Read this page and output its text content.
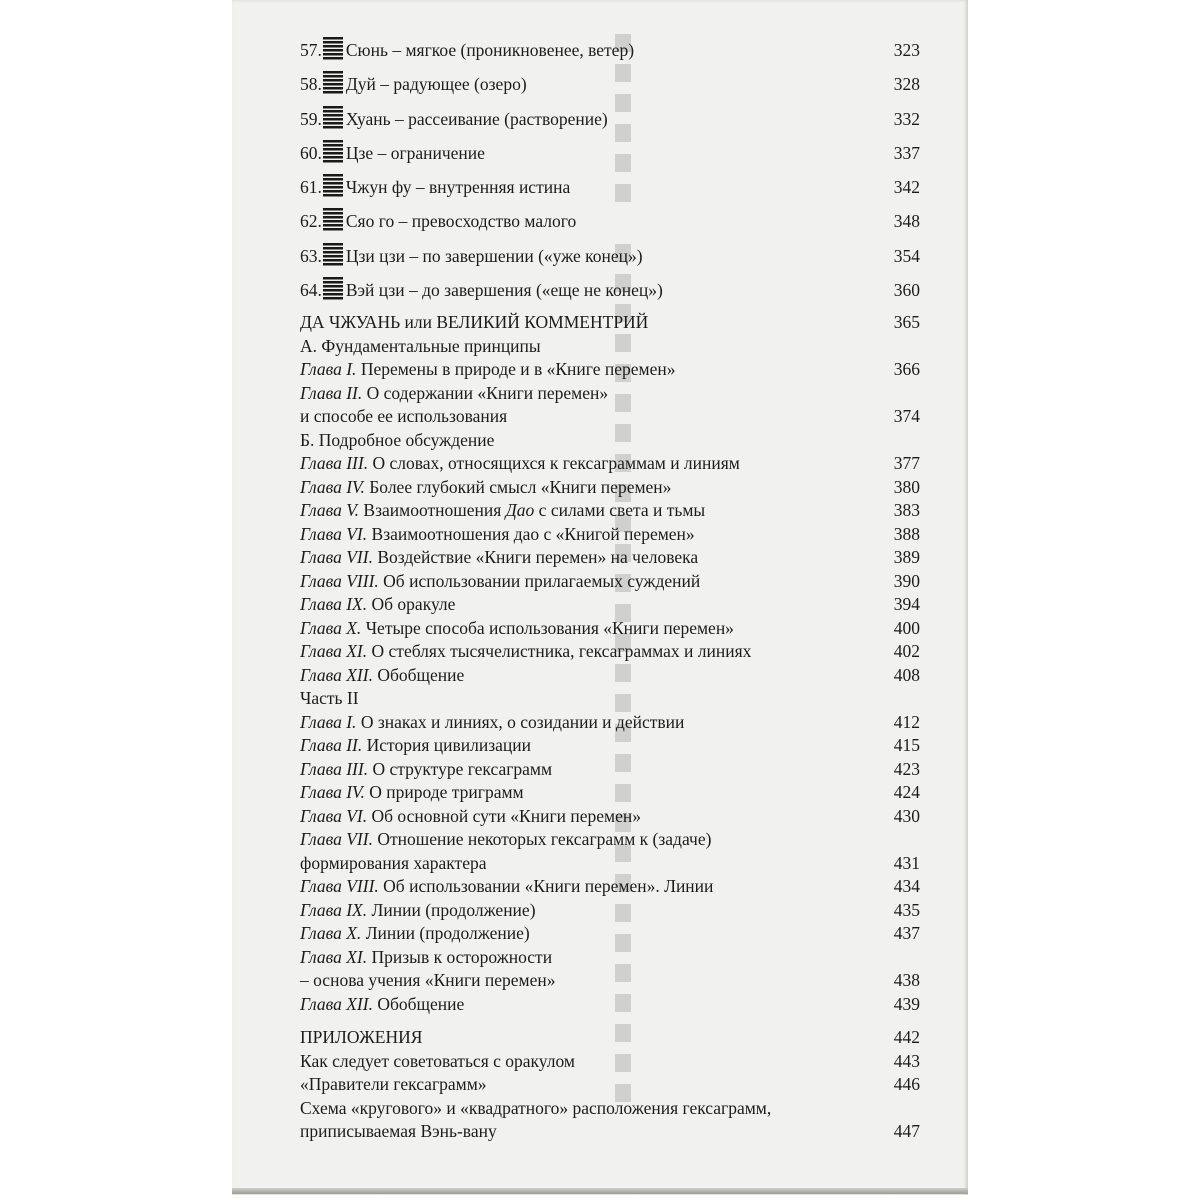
57. Сюнь – мягкое (проникновенее, ветер)	323
58. Дуй – радующее (озеро)	328
59. Хуань – рассеивание (растворение)	332
60. Цзе – ограничение	337
61. Чжун фу – внутренняя истина	342
62. Сяо го – превосходство малого	348
63. Цзи цзи – по завершении («уже конец»)	354
64. Вэй цзи – до завершения («еще не конец»)	360
ДА ЧЖУАНЬ или ВЕЛИКИЙ КОММЕНТРИЙ	365
А. Фундаментальные принципы
Глава I. Перемены в природе и в «Книге перемен»	366
Глава II. О содержании «Книги перемен»
и способе ее использования	374
Б. Подробное обсуждение
Глава III. О словах, относящихся к гексаграммам и линиям	377
Глава IV. Более глубокий смысл «Книги перемен»	380
Глава V. Взаимоотношения Дао с силами света и тьмы	383
Глава VI. Взаимоотношения дао с «Книгой перемен»	388
Глава VII. Воздействие «Книги перемен» на человека	389
Глава VIII. Об использовании прилагаемых суждений	390
Глава IX. Об оракуле	394
Глава X. Четыре способа использования «Книги перемен»	400
Глава XI. О стеблях тысячелистника, гексаграммах и линиях	402
Глава XII. Обобщение	408
Часть II
Глава I. О знаках и линиях, о созидании и действии	412
Глава II. История цивилизации	415
Глава III. О структуре гексаграмм	423
Глава IV. О природе триграмм	424
Глава VI. Об основной сути «Книги перемен»	430
Глава VII. Отношение некоторых гексаграмм к (задаче)
формирования характера	431
Глава VIII. Об использовании «Книги перемен». Линии	434
Глава IX. Линии (продолжение)	435
Глава X. Линии (продолжение)	437
Глава XI. Призыв к осторожности
– основа учения «Книги перемен»	438
Глава XII. Обобщение	439
ПРИЛОЖЕНИЯ	442
Как следует советоваться с оракулом	443
«Правители гексаграмм»	446
Схема «кругового» и «квадратного» расположения гексаграмм,
приписываемая Вэнь-вану	447
